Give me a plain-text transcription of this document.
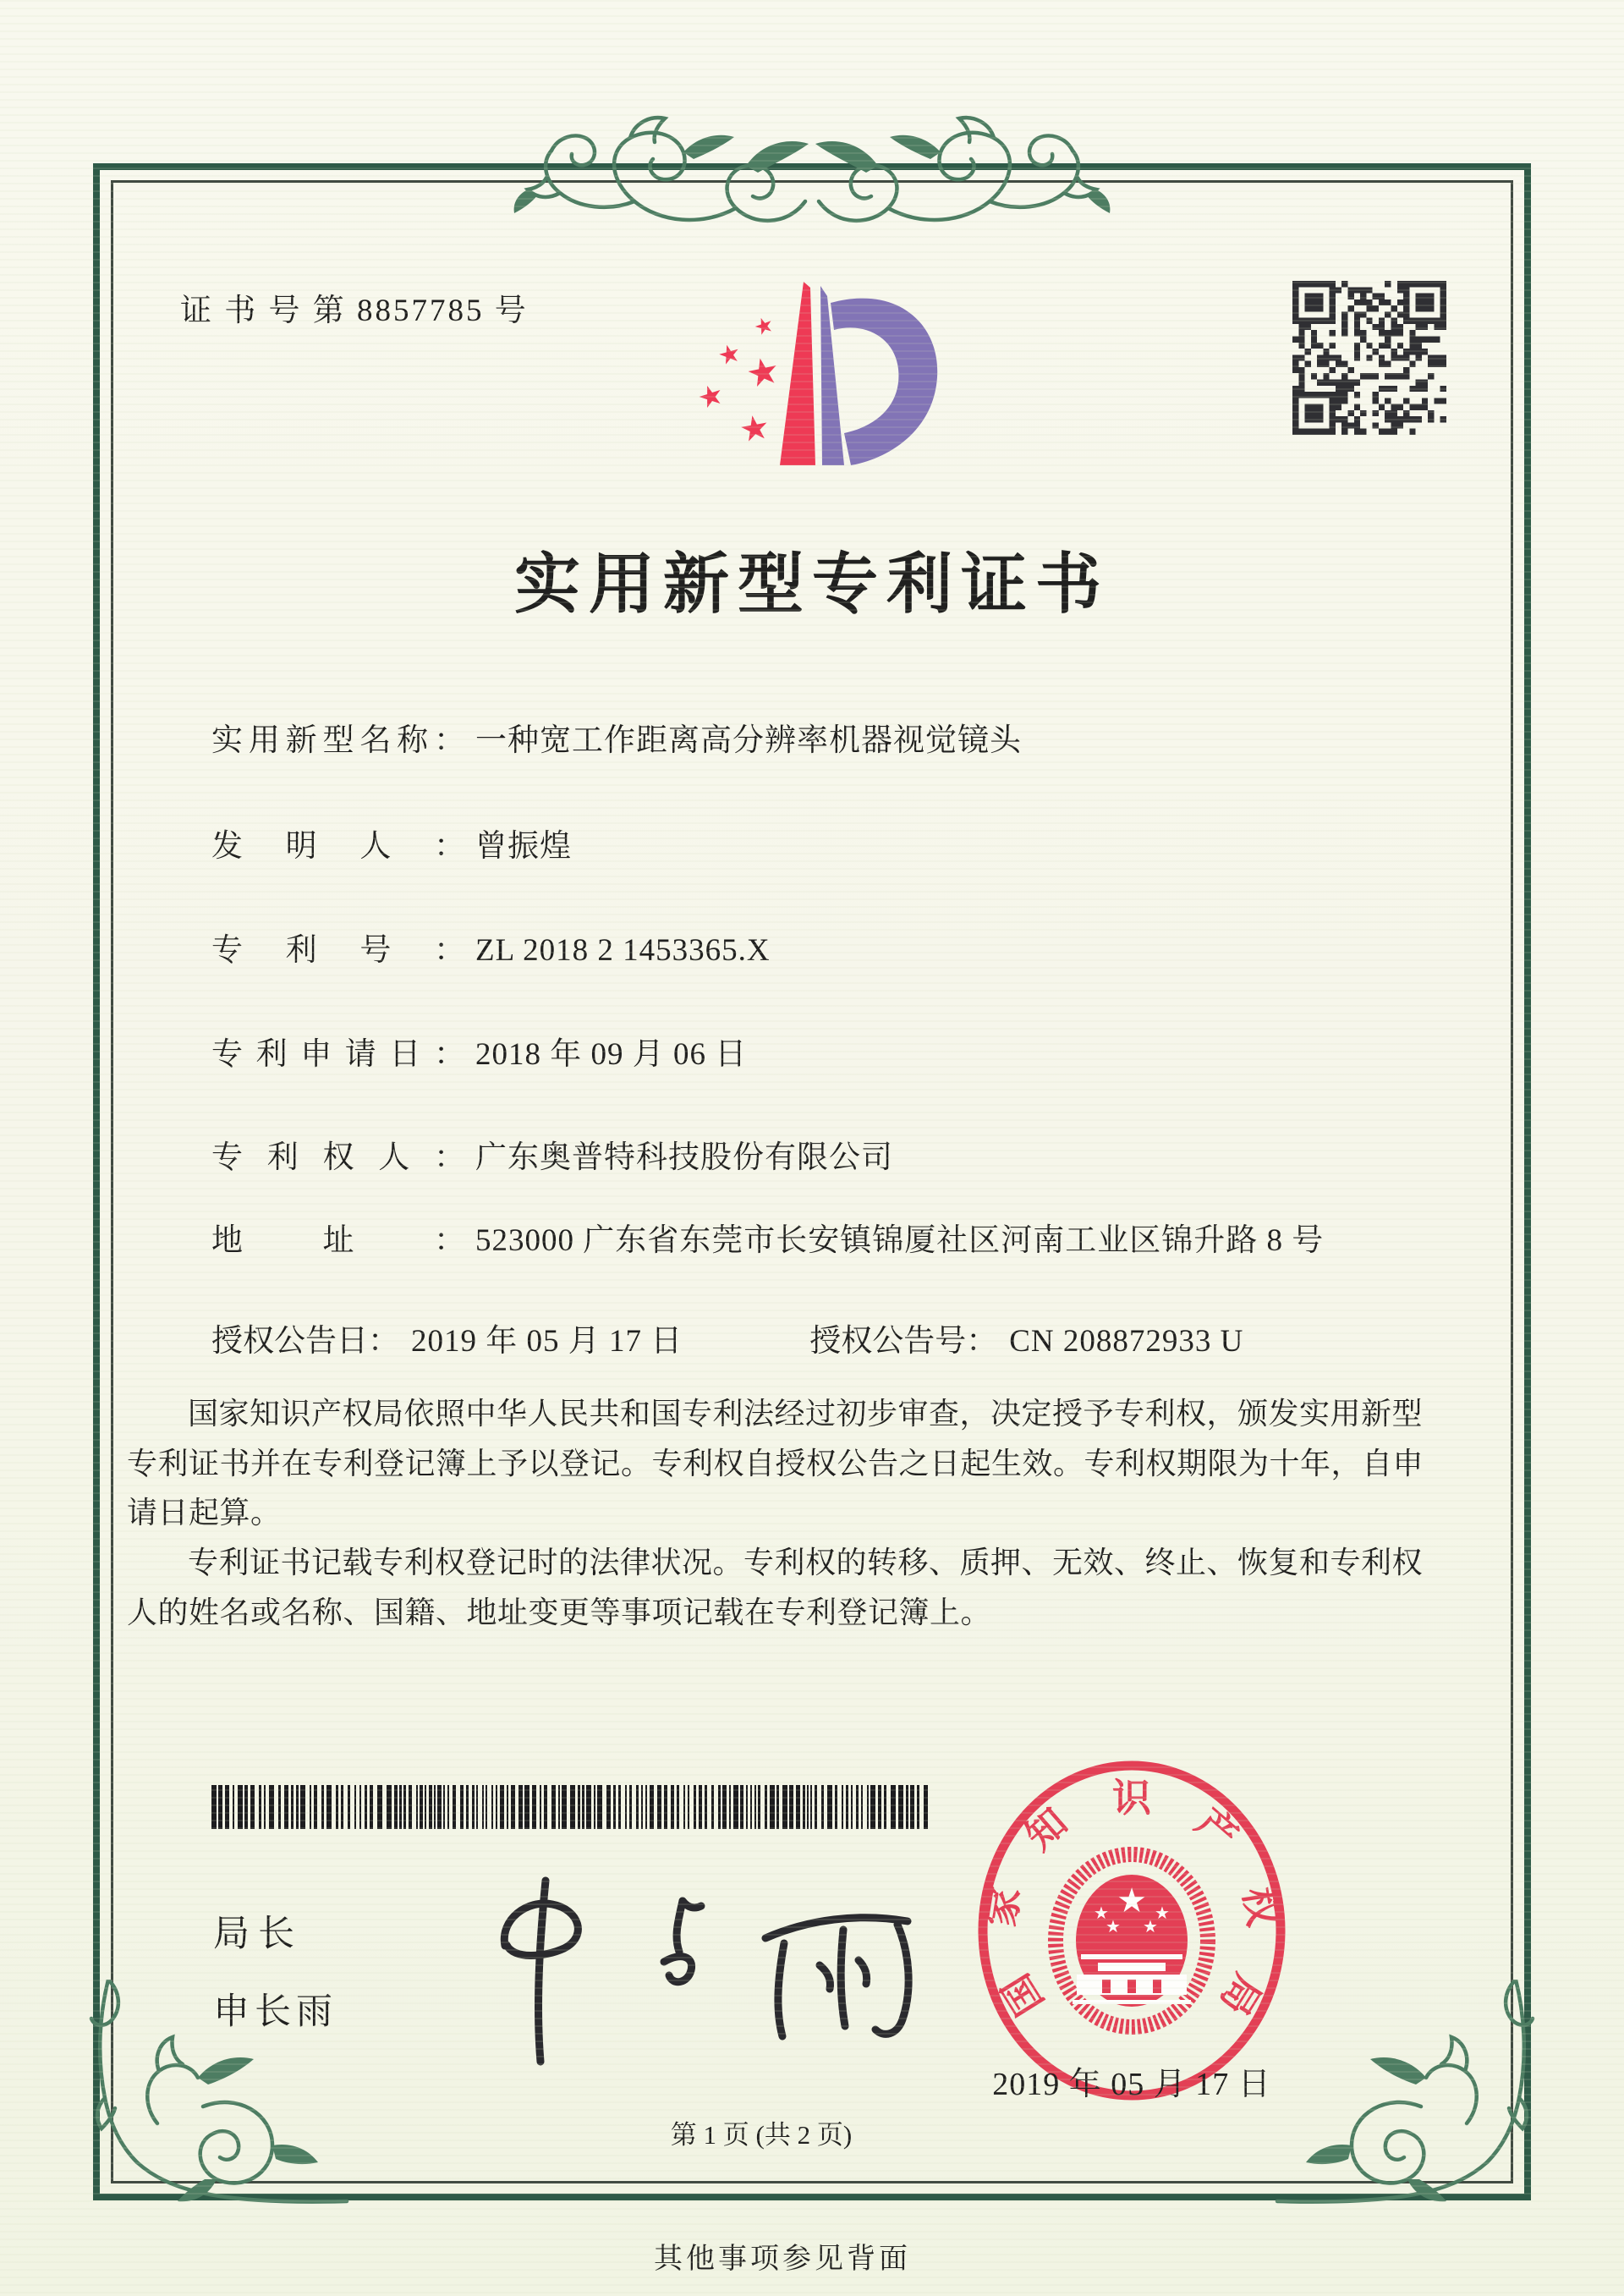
证 书 号 第 8857785 号	★
★
★
★
★
实用新型专利证书
实用新型名称： 一种宽工作距离高分辨率机器视觉镜头
发明人： 曾振煌
专利号： ZL 2018 2 1453365.X
专利申请日： 2018 年 09 月 06 日
专利权人： 广东奥普特科技股份有限公司
地址： 523000 广东省东莞市长安镇锦厦社区河南工业区锦升路 8 号
授权公告日： 2019 年 05 月 17 日	授权公告号： CN 208872933 U

国家知识产权局依照中华人民共和国专利法经过初步审查，决定授予专利权，颁发实用新型专利证书并在专利登记簿上予以登记。专利权自授权公告之日起生效。专利权期限为十年，自申请日起算。

专利证书记载专利权登记时的法律状况。专利权的转移、质押、无效、终止、恢复和专利权人的姓名或名称、国籍、地址变更等事项记载在专利登记簿上。

局长
申长雨	国
家
知
识
产
权
局
★
★	★
★ ★
2019 年 05 月 17 日
第 1 页 (共 2 页)
其他事项参见背面
